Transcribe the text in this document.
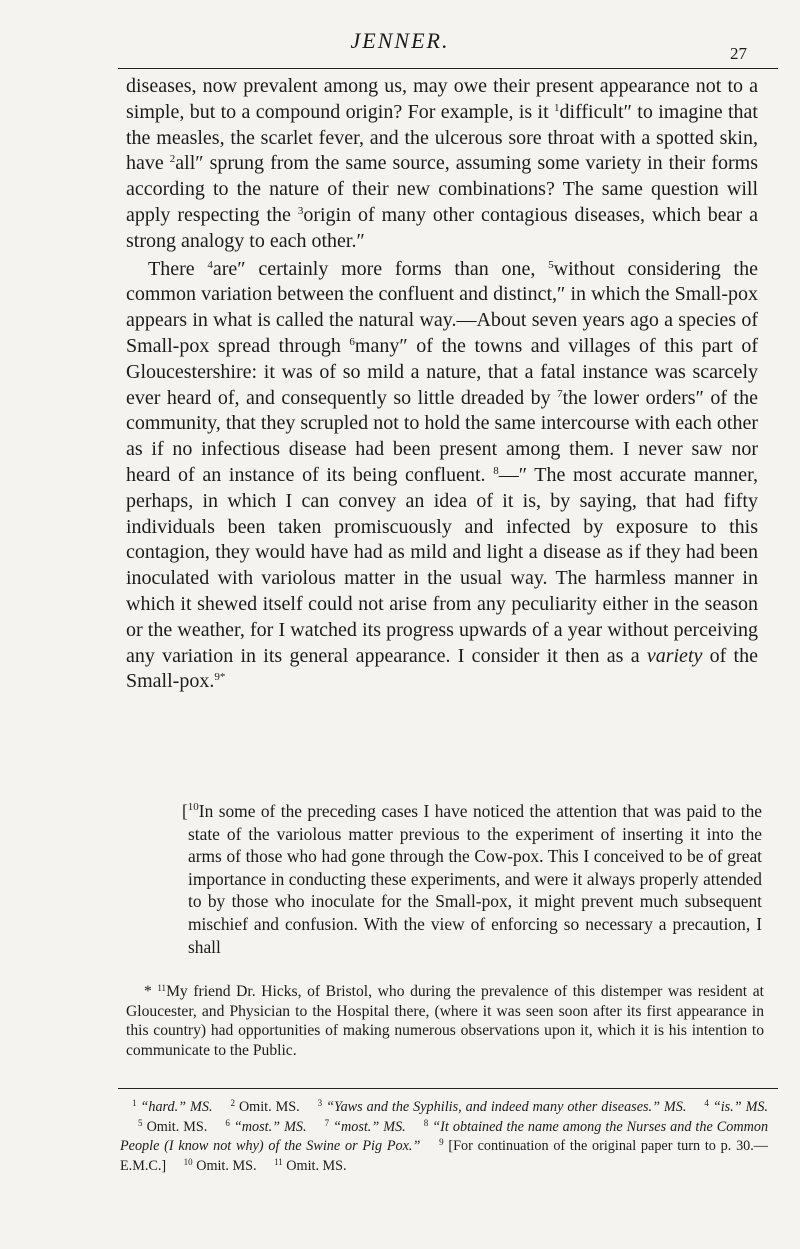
JENNER.
27

diseases, now prevalent among us, may owe their present appearance not to a simple, but to a compound origin? For example, is it $^1$difficult″ to imagine that the measles, the scarlet fever, and the ulcerous sore throat with a spotted skin, have $^2$all″ sprung from the same source, assuming some variety in their forms according to the nature of their new combinations? The same question will apply respecting the $^3$origin of many other contagious diseases, which bear a strong analogy to each other.″

There $^4$are″ certainly more forms than one, $^5$without considering the common variation between the confluent and distinct,″ in which the Small-pox appears in what is called the natural way.—About seven years ago a species of Small-pox spread through $^6$many″ of the towns and villages of this part of Gloucestershire: it was of so mild a nature, that a fatal instance was scarcely ever heard of, and consequently so little dreaded by $^7$the lower orders″ of the community, that they scrupled not to hold the same intercourse with each other as if no infectious disease had been present among them. I never saw nor heard of an instance of its being confluent. $^8$—″ The most accurate manner, perhaps, in which I can convey an idea of it is, by saying, that had fifty individuals been taken promiscuously and infected by exposure to this contagion, they would have had as mild and light a disease as if they had been inoculated with variolous matter in the usual way. The harmless manner in which it shewed itself could not arise from any peculiarity either in the season or the weather, for I watched its progress upwards of a year without perceiving any variation in its general appearance. I consider it then as a variety of the Small-pox.$^{9*}$

[$^{10}$In some of the preceding cases I have noticed the attention that was paid to the state of the variolous matter previous to the experiment of inserting it into the arms of those who had gone through the Cow-pox. This I conceived to be of great importance in conducting these experiments, and were it always properly attended to by those who inoculate for the Small-pox, it might prevent much subsequent mischief and confusion. With the view of enforcing so necessary a precaution, I shall

* $^{11}$My friend Dr. Hicks, of Bristol, who during the prevalence of this distemper was resident at Gloucester, and Physician to the Hospital there, (where it was seen soon after its first appearance in this country) had opportunities of making numerous observations upon it, which it is his intention to communicate to the Public.

$^1$ “hard.” MS. $^2$ Omit. MS. $^3$ “Yaws and the Syphilis, and indeed many other diseases.” MS. $^4$ “is.” MS. $^5$ Omit. MS. $^6$ “most.” MS. $^7$ “most.” MS. $^8$ “It obtained the name among the Nurses and the Common People (I know not why) of the Swine or Pig Pox.” $^9$ [For continuation of the original paper turn to p. 30.—E.M.C.] $^{10}$ Omit. MS. $^{11}$ Omit. MS.
